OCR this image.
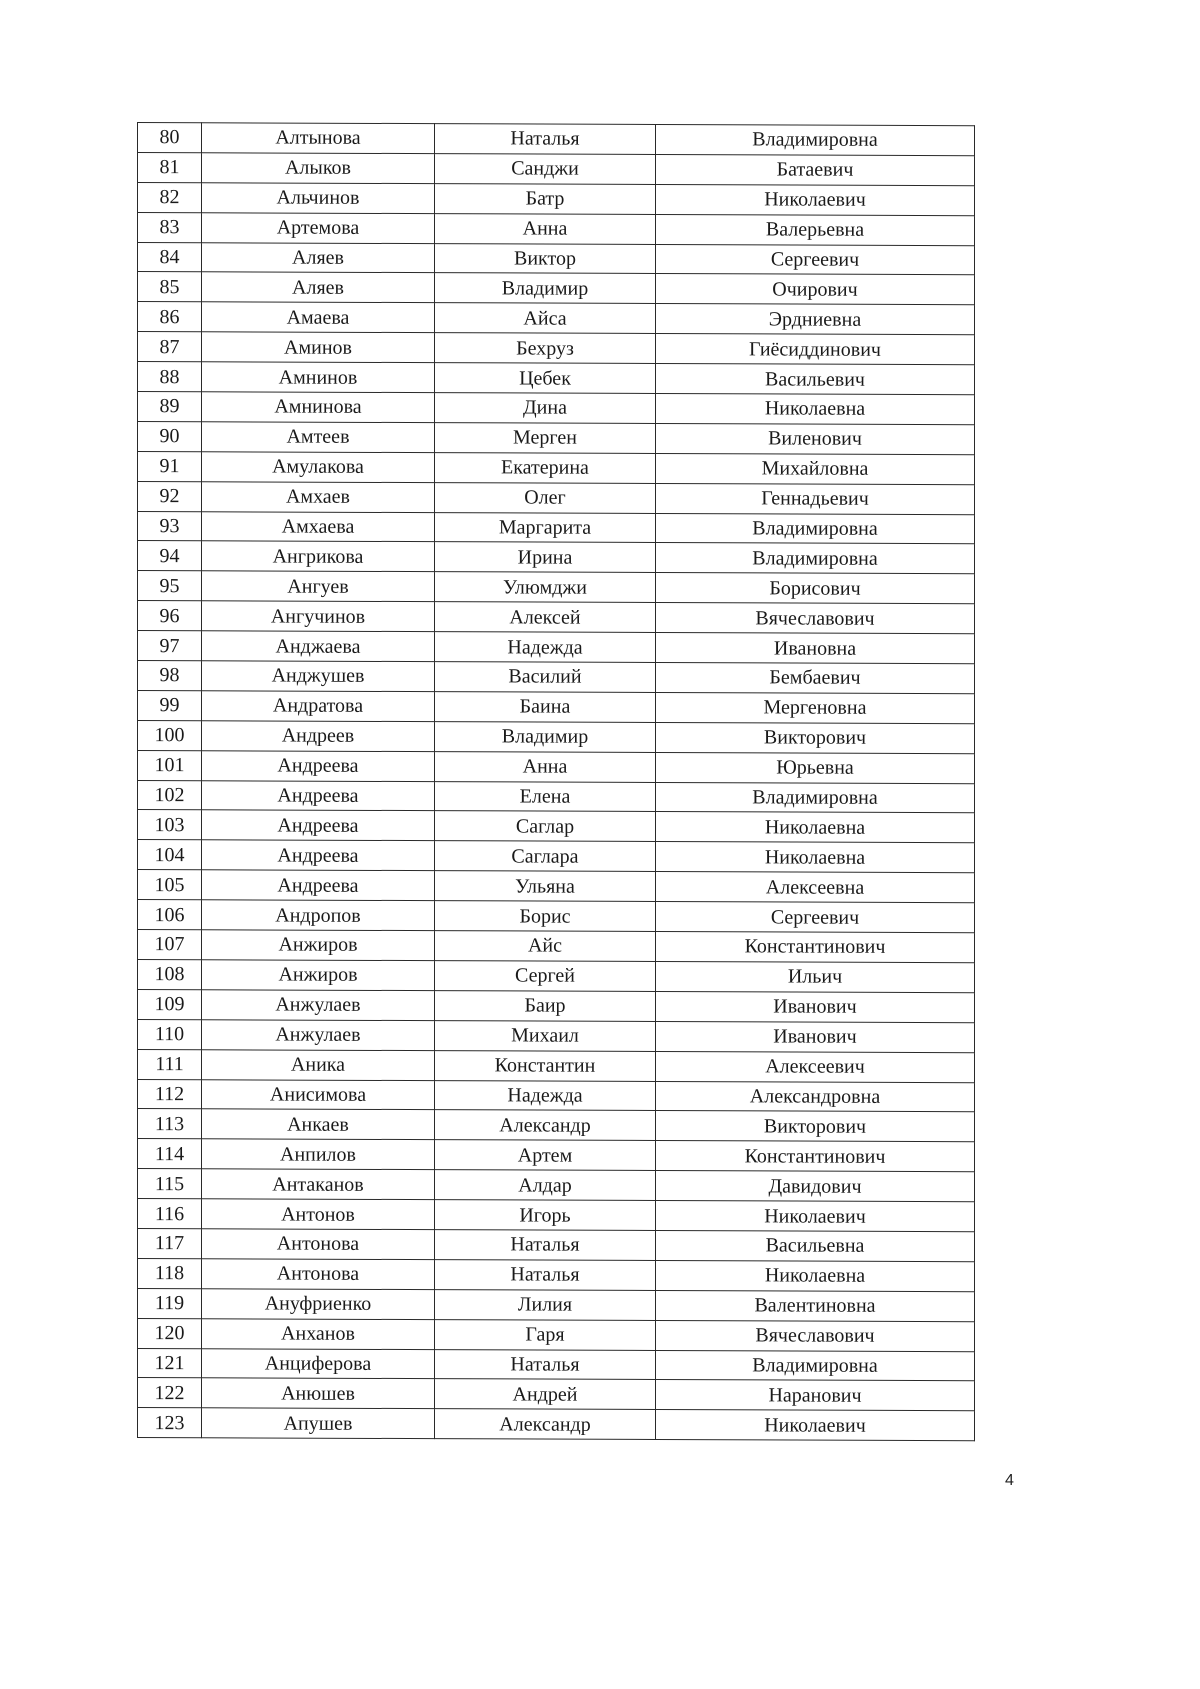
80	Алтынова	Наталья	Владимировна
81	Алыков	Санджи	Батаевич
82	Альчинов	Батр	Николаевич
83	Артемова	Анна	Валерьевна
84	Аляев	Виктор	Сергеевич
85	Аляев	Владимир	Очирович
86	Амаева	Айса	Эрдниевна
87	Аминов	Бехруз	Гиёсиддинович
88	Амнинов	Цебек	Васильевич
89	Амнинова	Дина	Николаевна
90	Амтеев	Мерген	Виленович
91	Амулакова	Екатерина	Михайловна
92	Амхаев	Олег	Геннадьевич
93	Амхаева	Маргарита	Владимировна
94	Ангрикова	Ирина	Владимировна
95	Ангуев	Улюмджи	Борисович
96	Ангучинов	Алексей	Вячеславович
97	Анджаева	Надежда	Ивановна
98	Анджушев	Василий	Бембаевич
99	Андратова	Баина	Мергеновна
100	Андреев	Владимир	Викторович
101	Андреева	Анна	Юрьевна
102	Андреева	Елена	Владимировна
103	Андреева	Саглар	Николаевна
104	Андреева	Саглара	Николаевна
105	Андреева	Ульяна	Алексеевна
106	Андропов	Борис	Сергеевич
107	Анжиров	Айс	Константинович
108	Анжиров	Сергей	Ильич
109	Анжулаев	Баир	Иванович
110	Анжулаев	Михаил	Иванович
111	Аника	Константин	Алексеевич
112	Анисимова	Надежда	Александровна
113	Анкаев	Александр	Викторович
114	Анпилов	Артем	Константинович
115	Антаканов	Алдар	Давидович
116	Антонов	Игорь	Николаевич
117	Антонова	Наталья	Васильевна
118	Антонова	Наталья	Николаевна
119	Ануфриенко	Лилия	Валентиновна
120	Анханов	Гаря	Вячеславович
121	Анциферова	Наталья	Владимировна
122	Анюшев	Андрей	Наранович
123	Апушев	Александр	Николаевич
4
